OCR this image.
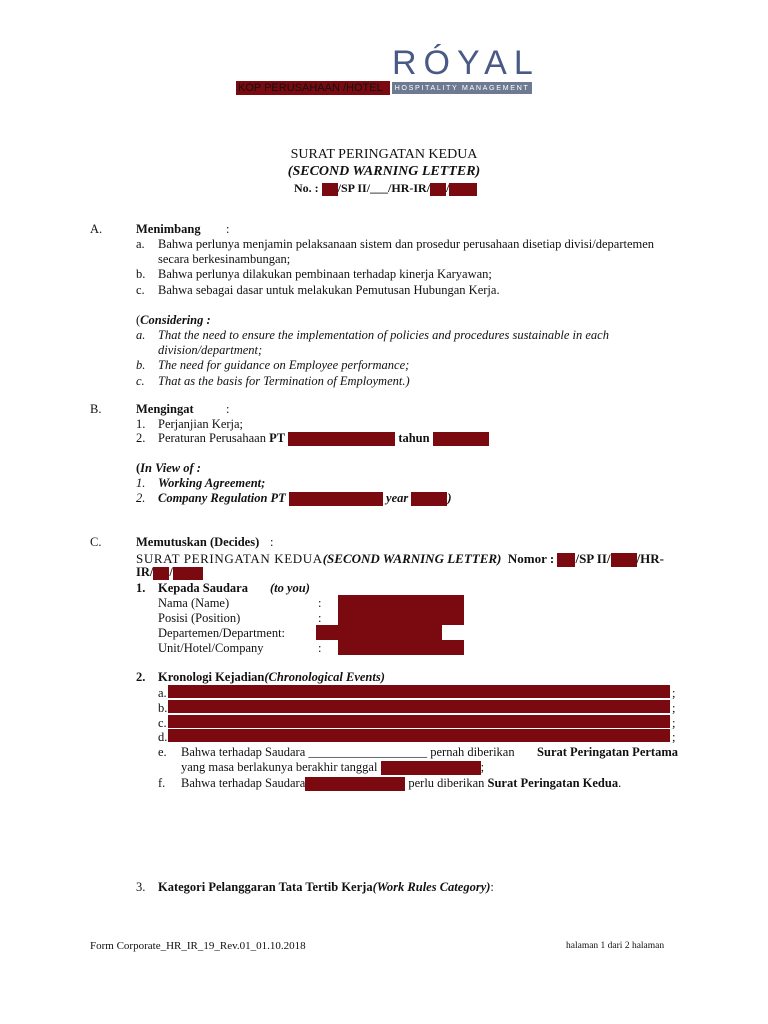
KOP PERUSAHAAN /HOTEL
RÓYAL
HOSPITALITY MANAGEMENT
SURAT PERINGATAN KEDUA
(SECOND WARNING LETTER)
No. : /SP II/___/HR-IR/ /
A.	Menimbang :
a. Bahwa perlunya menjamin pelaksanaan sistem dan prosedur perusahaan disetiap divisi/departemen
secara berkesinambungan;
b. Bahwa perlunya dilakukan pembinaan terhadap kinerja Karyawan;
c. Bahwa sebagai dasar untuk melakukan Pemutusan Hubungan Kerja.
(Considering :
a. That the need to ensure the implementation of policies and procedures sustainable in each
division/department;
b. The need for guidance on Employee performance;
c. That as the basis for Termination of Employment.)
B.	Mengingat	:
1. Perjanjian Kerja;
2. Peraturan Perusahaan PT	tahun
(In View of :
1. Working Agreement;
2. Company Regulation PT	year	)
C.	Memutuskan (Decides) :
SURAT PERINGATAN KEDUA(SECOND WARNING LETTER) Nomor : /SP II/ /HR-
IR/ /
1. Kepada Saudara (to you)
Nama (Name)	:
Posisi (Position)	:
Departemen/Department:
Unit/Hotel/Company	:
2. Kronologi Kejadian(Chronological Events)
a.	;
b.	;
c.	;
d.	;
e. Bahwa terhadap Saudara ___________________ pernah diberikan Surat Peringatan Pertama
yang masa berlakunya berakhir tanggal	;
f. Bahwa terhadap Saudara	perlu diberikan Surat Peringatan Kedua.
3. Kategori Pelanggaran Tata Tertib Kerja(Work Rules Category):
Form Corporate_HR_IR_19_Rev.01_01.10.2018	halaman 1 dari 2 halaman
